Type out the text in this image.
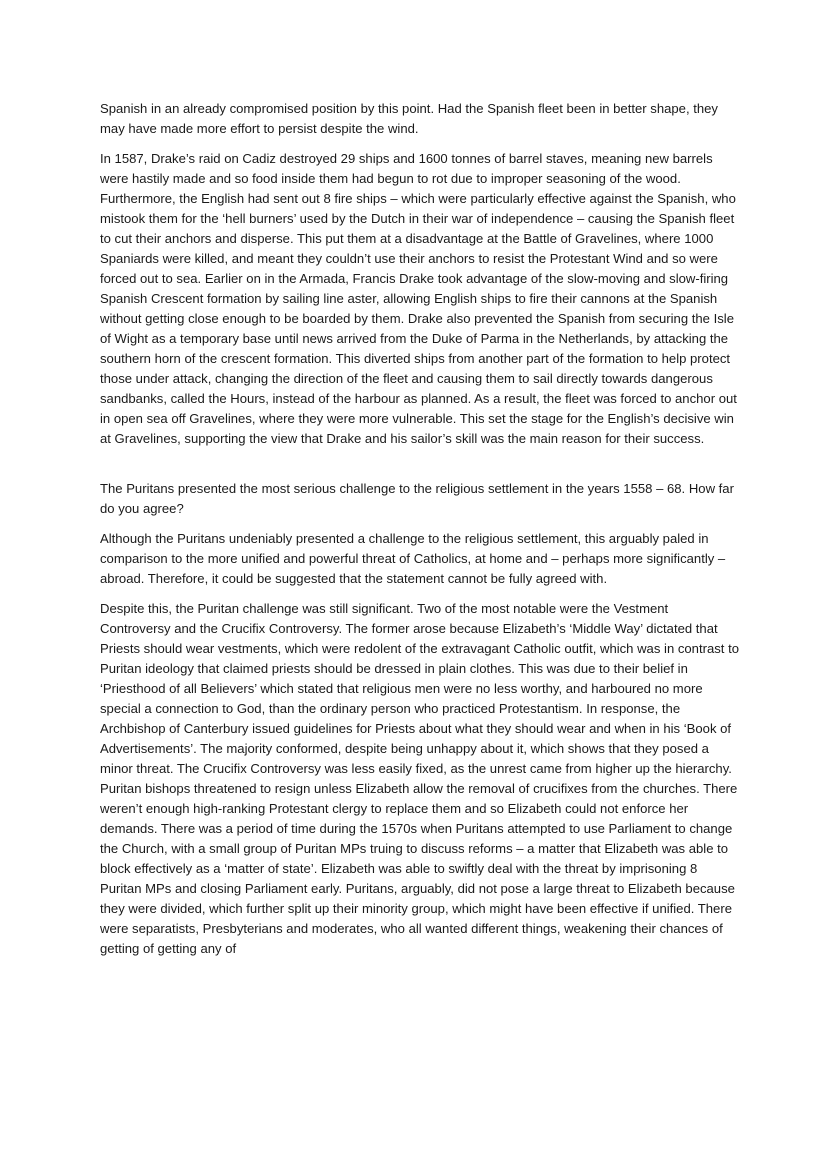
Spanish in an already compromised position by this point. Had the Spanish fleet been in better shape, they may have made more effort to persist despite the wind.

In 1587, Drake’s raid on Cadiz destroyed 29 ships and 1600 tonnes of barrel staves, meaning new barrels were hastily made and so food inside them had begun to rot due to improper seasoning of the wood. Furthermore, the English had sent out 8 fire ships – which were particularly effective against the Spanish, who mistook them for the ‘hell burners’ used by the Dutch in their war of independence – causing the Spanish fleet to cut their anchors and disperse. This put them at a disadvantage at the Battle of Gravelines, where 1000 Spaniards were killed, and meant they couldn’t use their anchors to resist the Protestant Wind and so were forced out to sea. Earlier on in the Armada, Francis Drake took advantage of the slow-moving and slow-firing Spanish Crescent formation by sailing line aster, allowing English ships to fire their cannons at the Spanish without getting close enough to be boarded by them. Drake also prevented the Spanish from securing the Isle of Wight as a temporary base until news arrived from the Duke of Parma in the Netherlands, by attacking the southern horn of the crescent formation. This diverted ships from another part of the formation to help protect those under attack, changing the direction of the fleet and causing them to sail directly towards dangerous sandbanks, called the Hours, instead of the harbour as planned. As a result, the fleet was forced to anchor out in open sea off Gravelines, where they were more vulnerable. This set the stage for the English’s decisive win at Gravelines, supporting the view that Drake and his sailor’s skill was the main reason for their success.

The Puritans presented the most serious challenge to the religious settlement in the years 1558 – 68. How far do you agree?

Although the Puritans undeniably presented a challenge to the religious settlement, this arguably paled in comparison to the more unified and powerful threat of Catholics, at home and – perhaps more significantly – abroad. Therefore, it could be suggested that the statement cannot be fully agreed with.

Despite this, the Puritan challenge was still significant. Two of the most notable were the Vestment Controversy and the Crucifix Controversy. The former arose because Elizabeth’s ‘Middle Way’ dictated that Priests should wear vestments, which were redolent of the extravagant Catholic outfit, which was in contrast to Puritan ideology that claimed priests should be dressed in plain clothes. This was due to their belief in ‘Priesthood of all Believers’ which stated that religious men were no less worthy, and harboured no more special a connection to God, than the ordinary person who practiced Protestantism. In response, the Archbishop of Canterbury issued guidelines for Priests about what they should wear and when in his ‘Book of Advertisements’. The majority conformed, despite being unhappy about it, which shows that they posed a minor threat. The Crucifix Controversy was less easily fixed, as the unrest came from higher up the hierarchy. Puritan bishops threatened to resign unless Elizabeth allow the removal of crucifixes from the churches. There weren’t enough high-ranking Protestant clergy to replace them and so Elizabeth could not enforce her demands. There was a period of time during the 1570s when Puritans attempted to use Parliament to change the Church, with a small group of Puritan MPs truing to discuss reforms – a matter that Elizabeth was able to block effectively as a ‘matter of state’. Elizabeth was able to swiftly deal with the threat by imprisoning 8 Puritan MPs and closing Parliament early. Puritans, arguably, did not pose a large threat to Elizabeth because they were divided, which further split up their minority group, which might have been effective if unified. There were separatists, Presbyterians and moderates, who all wanted different things, weakening their chances of getting of getting any of
